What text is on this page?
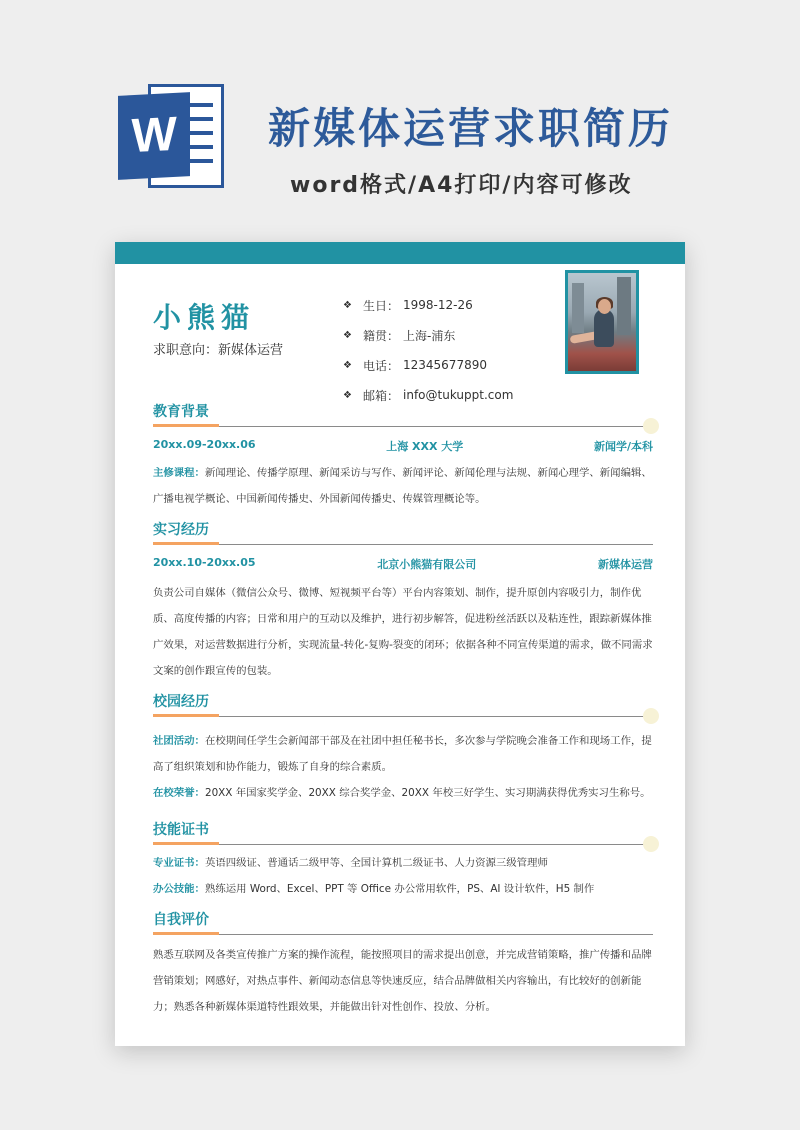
W	新媒体运营求职简历
word格式/A4打印/内容可修改
小熊猫
求职意向：新媒体运营
❖ 生日： 1998-12-26
❖ 籍贯： 上海-浦东
❖ 电话： 12345677890
❖ 邮箱： info@tukuppt.com
教育背景
20xx.09-20xx.06	上海 XXX 大学	新闻学/本科
主修课程：新闻理论、传播学原理、新闻采访与写作、新闻评论、新闻伦理与法规、新闻心理学、新闻编辑、广播电视学概论、中国新闻传播史、外国新闻传播史、传媒管理概论等。
实习经历
20xx.10-20xx.05	北京小熊猫有限公司	新媒体运营
负责公司自媒体（微信公众号、微博、短视频平台等）平台内容策划、制作，提升原创内容吸引力，制作优质、高度传播的内容；日常和用户的互动以及维护，进行初步解答，促进粉丝活跃以及粘连性，跟踪新媒体推广效果，对运营数据进行分析，实现流量-转化-复购-裂变的闭环；依据各种不同宣传渠道的需求，做不同需求文案的创作跟宣传的包装。
校园经历
社团活动：在校期间任学生会新闻部干部及在社团中担任秘书长，多次参与学院晚会准备工作和现场工作，提高了组织策划和协作能力，锻炼了自身的综合素质。
在校荣誉：20XX 年国家奖学金、20XX 综合奖学金、20XX 年校三好学生、实习期满获得优秀实习生称号。
技能证书
专业证书：英语四级证、普通话二级甲等、全国计算机二级证书、人力资源三级管理师
办公技能：熟练运用 Word、Excel、PPT 等 Office 办公常用软件，PS、AI 设计软件，H5 制作
自我评价
熟悉互联网及各类宣传推广方案的操作流程，能按照项目的需求提出创意，并完成营销策略，推广传播和品牌营销策划；网感好，对热点事件、新闻动态信息等快速反应，结合品牌做相关内容输出，有比较好的创新能力；熟悉各种新媒体渠道特性跟效果，并能做出针对性创作、投放、分析。
